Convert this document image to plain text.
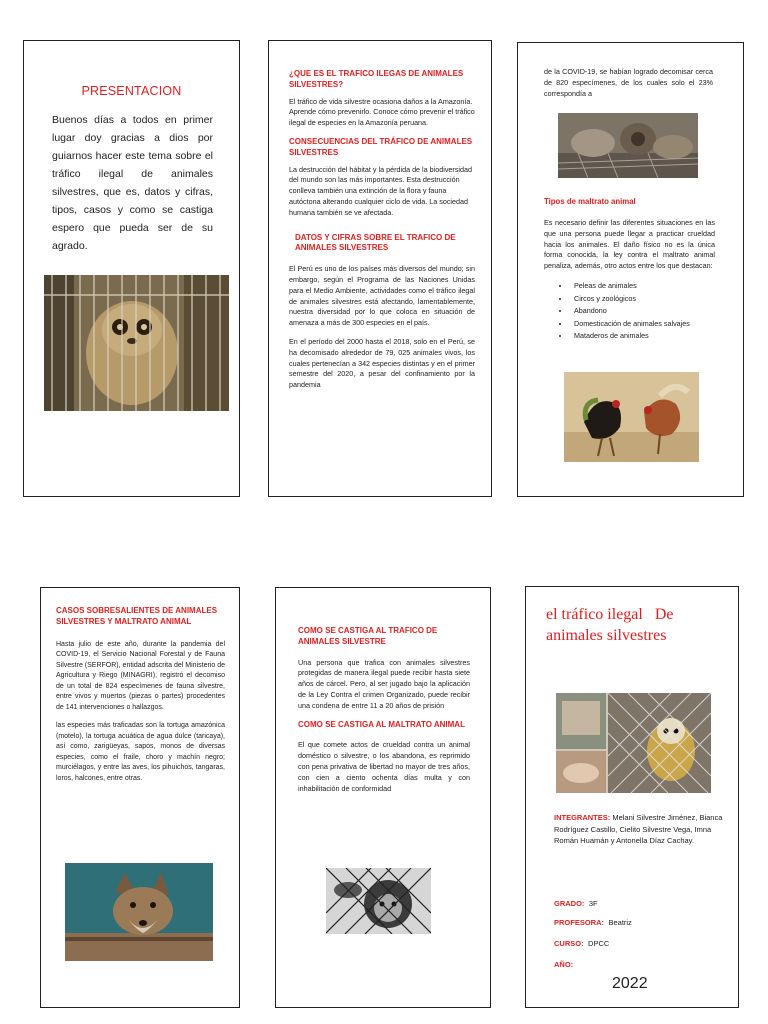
PRESENTACION

Buenos días a todos en primer lugar doy gracias a dios por guiarnos hacer este tema sobre el tráfico ilegal de animales silvestres, que es, datos y cifras, tipos, casos y como se castiga espero que pueda ser de su agrado.

¿QUE ES EL TRAFICO ILEGAS DE ANIMALES SILVESTRES?

El tráfico de vida silvestre ocasiona daños a la Amazonía. Aprende cómo prevenirlo. Conoce cómo prevenir el tráfico ilegal de especies en la Amazonía peruana.

CONSECUENCIAS DEL TRÁFICO DE ANIMALES SILVESTRES

La destrucción del hábitat y la pérdida de la biodiversidad del mundo son las más importantes. Esta destrucción conlleva también una extinción de la flora y fauna autóctona alterando cualquier ciclo de vida. La sociedad humana también se ve afectada.

DATOS Y CIFRAS SOBRE EL TRAFICO DE ANIMALES SILVESTRES

El Perú es uno de los países más diversos del mundo; sin embargo, según el Programa de las Naciones Unidas para el Medio Ambiente, actividades como el tráfico ilegal de animales silvestres está afectando, lamentablemente, nuestra diversidad por lo que coloca en situación de amenaza a más de 300 especies en el país.

En el período del 2000 hasta el 2018, solo en el Perú, se ha decomisado alrededor de 79, 025 animales vivos, los cuales pertenecían a 342 especies distintas y en el primer semestre del 2020, a pesar del confinamiento por la pandemia

de la COVID-19, se habían logrado decomisar cerca de 820 especímenes, de los cuales solo el 23% correspondía a

Tipos de maltrato animal

Es necesario definir las diferentes situaciones en las que una persona puede llegar a practicar crueldad hacia los animales. El daño físico no es la única forma conocida, la ley contra el maltrato animal penaliza, además, otro actos entre los que destacan:

• Peleas de animales
• Circos y zoológicos
• Abandono
• Domesticación de animales salvajes
• Mataderos de animales
CASOS SOBRESALIENTES DE ANIMALES SILVESTRES Y MALTRATO ANIMAL

Hasta julio de este año, durante la pandemia del COVID-19, el Servicio Nacional Forestal y de Fauna Silvestre (SERFOR), entidad adscrita del Ministerio de Agricultura y Riego (MINAGRI), registró el decomiso de un total de 824 especímenes de fauna silvestre, entre vivos y muertos (piezas o partes) procedentes de 141 intervenciones o hallazgos.

las especies más traficadas son la tortuga amazónica (motelo), la tortuga acuática de agua dulce (taricaya), así como, zarigüeyas, sapos, monos de diversas especies, como el fraile, choro y machín negro; murciélagos, y entre las aves, los pihuichos, tangaras, loros, halcones, entre otras.

COMO SE CASTIGA AL TRAFICO DE ANIMALES SILVESTRE

Una persona que trafica con animales silvestres protegidas de manera ilegal puede recibir hasta siete años de cárcel. Pero, al ser jugado bajo la aplicación de la Ley Contra el crimen Organizado, puede recibir una condena de entre 11 a 20 años de prisión

COMO SE CASTIGA AL MALTRATO ANIMAL

El que comete actos de crueldad contra un animal doméstico o silvestre, o los abandona, es reprimido con pena privativa de libertad no mayor de tres años, con cien a ciento ochenta días multa y con inhabilitación de conformidad

el tráfico ilegal   De animales silvestres
INTEGRANTES: Melani Silvestre Jiménez, Bianca Rodríguez Castillo, Cielito Silvestre Vega, Imna Román Huamán y Antonella Díaz Cachay.
GRADO: 3F
PROFESORA: Beatriz
CURSO: DPCC
AÑO:
2022
